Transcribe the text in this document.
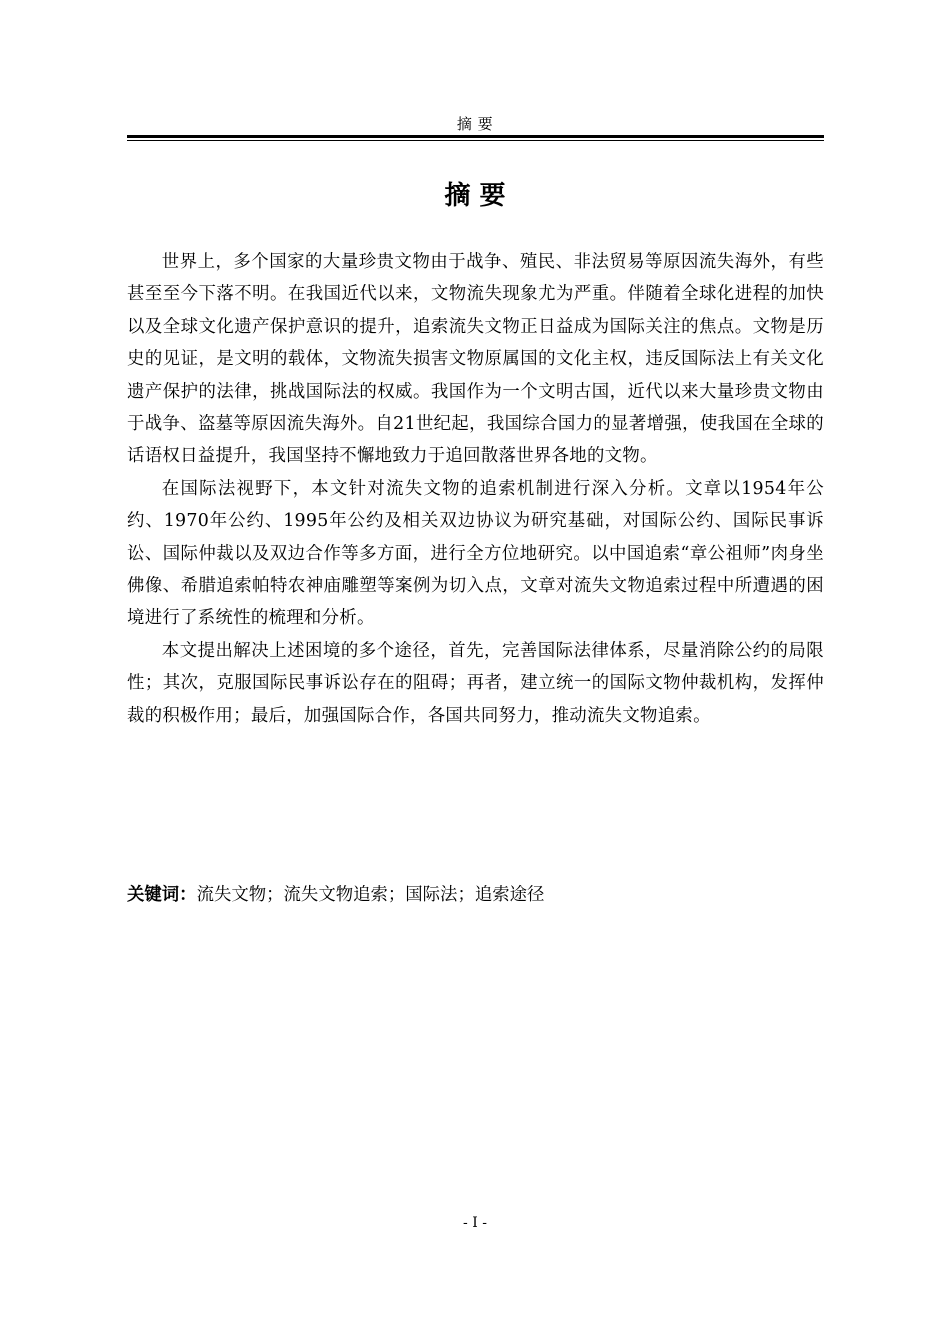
摘 要
摘 要

世界上，多个国家的大量珍贵文物由于战争、殖民、非法贸易等原因流失海外，有些甚至至今下落不明。在我国近代以来，文物流失现象尤为严重。伴随着全球化进程的加快以及全球文化遗产保护意识的提升，追索流失文物正日益成为国际关注的焦点。文物是历史的见证，是文明的载体，文物流失损害文物原属国的文化主权，违反国际法上有关文化遗产保护的法律，挑战国际法的权威。我国作为一个文明古国，近代以来大量珍贵文物由于战争、盗墓等原因流失海外。自21世纪起，我国综合国力的显著增强，使我国在全球的话语权日益提升，我国坚持不懈地致力于追回散落世界各地的文物。

在国际法视野下，本文针对流失文物的追索机制进行深入分析。文章以1954年公约、1970年公约、1995年公约及相关双边协议为研究基础，对国际公约、国际民事诉讼、国际仲裁以及双边合作等多方面，进行全方位地研究。以中国追索“章公祖师”肉身坐佛像、希腊追索帕特农神庙雕塑等案例为切入点，文章对流失文物追索过程中所遭遇的困境进行了系统性的梳理和分析。

本文提出解决上述困境的多个途径，首先，完善国际法律体系，尽量消除公约的局限性；其次，克服国际民事诉讼存在的阻碍；再者，建立统一的国际文物仲裁机构，发挥仲裁的积极作用；最后，加强国际合作，各国共同努力，推动流失文物追索。

关键词：流失文物；流失文物追索；国际法；追索途径
- I -
